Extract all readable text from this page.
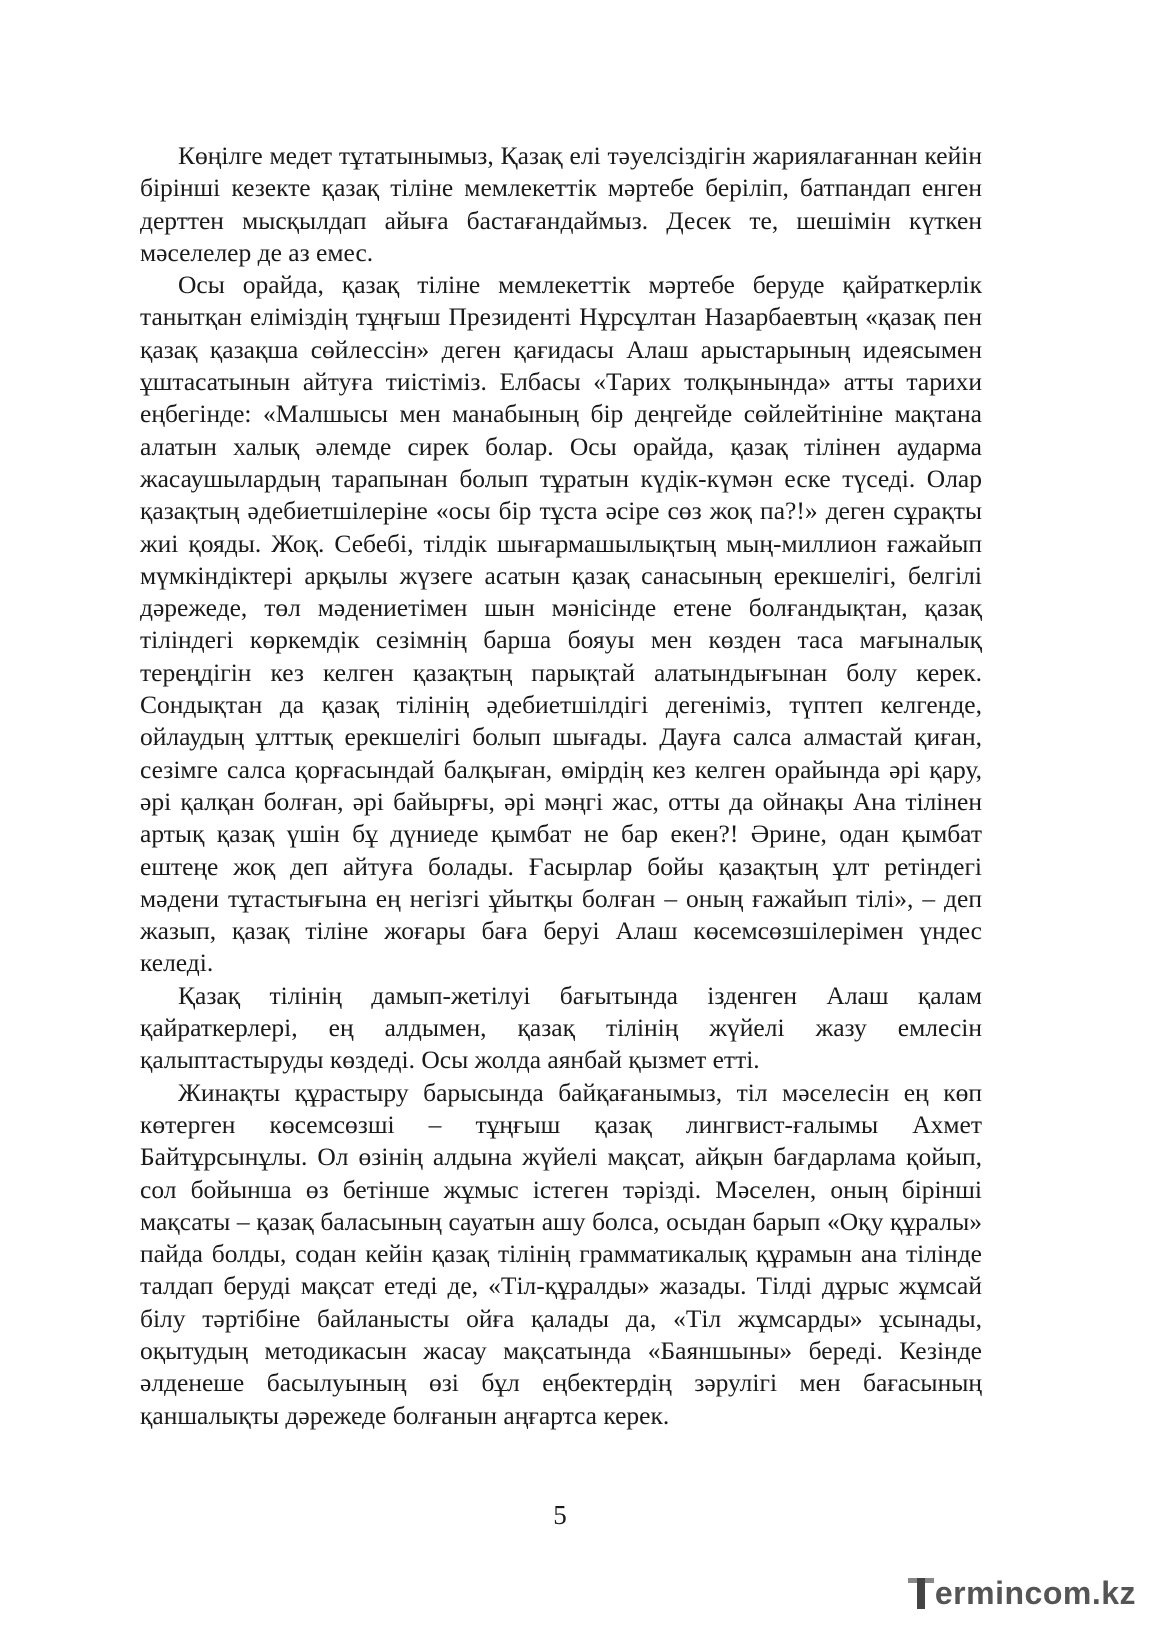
Көңілге медет тұтатынымыз, Қазақ елі тәуелсіздігін жариялағаннан кейін бірінші кезекте қазақ тіліне мемлекеттік мәртебе беріліп, батпандап енген дерттен мысқылдап айыға бастағандаймыз. Десек те, шешімін күткен мәселелер де аз емес.

Осы орайда, қазақ тіліне мемлекеттік мәртебе беруде қайраткерлік танытқан еліміздің тұңғыш Президенті Нұрсұлтан Назарбаевтың «қазақ пен қазақ қазақша сөйлессін» деген қағидасы Алаш арыстарының идеясымен ұштасатынын айтуға тиістіміз. Елбасы «Тарих толқынында» атты тарихи еңбегінде: «Малшысы мен манабының бір деңгейде сөйлейтініне мақтана алатын халық әлемде сирек болар. Осы орайда, қазақ тілінен аударма жасаушылардың тарапынан болып тұратын күдік-күмән еске түседі. Олар қазақтың әдебиетшілеріне «осы бір тұста әсіре сөз жоқ па?!» деген сұрақты жиі қояды. Жоқ. Себебі, тілдік шығармашылықтың мың-миллион ғажайып мүмкіндіктері арқылы жүзеге асатын қазақ санасының ерекшелігі, белгілі дәрежеде, төл мәдениетімен шын мәнісінде етене болғандықтан, қазақ тіліндегі көркемдік сезімнің барша бояуы мен көзден таса мағыналық тереңдігін кез келген қазақтың парықтай алатындығынан болу керек. Сондықтан да қазақ тілінің әдебиетшілдігі дегеніміз, түптеп келгенде, ойлаудың ұлттық ерекшелігі болып шығады. Дауға салса алмастай қиған, сезімге салса қорғасындай балқыған, өмірдің кез келген орайында әрі қару, әрі қалқан болған, әрі байырғы, әрі мәңгі жас, отты да ойнақы Ана тілінен артық қазақ үшін бұ дүниеде қымбат не бар екен?! Әрине, одан қымбат ештеңе жоқ деп айтуға болады. Ғасырлар бойы қазақтың ұлт ретіндегі мәдени тұтастығына ең негізгі ұйытқы болған – оның ғажайып тілі», – деп жазып, қазақ тіліне жоғары баға беруі Алаш көсемсөзшілерімен үндес келеді.

Қазақ тілінің дамып-жетілуі бағытында ізденген Алаш қалам қайраткерлері, ең алдымен, қазақ тілінің жүйелі жазу емлесін қалыптастыруды көздеді. Осы жолда аянбай қызмет етті.

Жинақты құрастыру барысында байқағанымыз, тіл мәселесін ең көп көтерген көсемсөзші – тұңғыш қазақ лингвист-ғалымы Ахмет Байтұрсынұлы. Ол өзінің алдына жүйелі мақсат, айқын бағдарлама қойып, сол бойынша өз бетінше жұмыс істеген тәрізді. Мәселен, оның бірінші мақсаты – қазақ баласының сауатын ашу болса, осыдан барып «Оқу құралы» пайда болды, содан кейін қазақ тілінің грамматикалық құрамын ана тілінде талдап беруді мақсат етеді де, «Тіл-құралды» жазады. Тілді дұрыс жұмсай білу тәртібіне байланысты ойға қалады да, «Тіл жұмсарды» ұсынады, оқытудың методикасын жасау мақсатында «Баяншыны» береді. Кезінде әлденеше басылуының өзі бұл еңбектердің зәрулігі мен бағасының қаншалықты дәрежеде болғанын аңғартса керек.

5
ermincom.kz
